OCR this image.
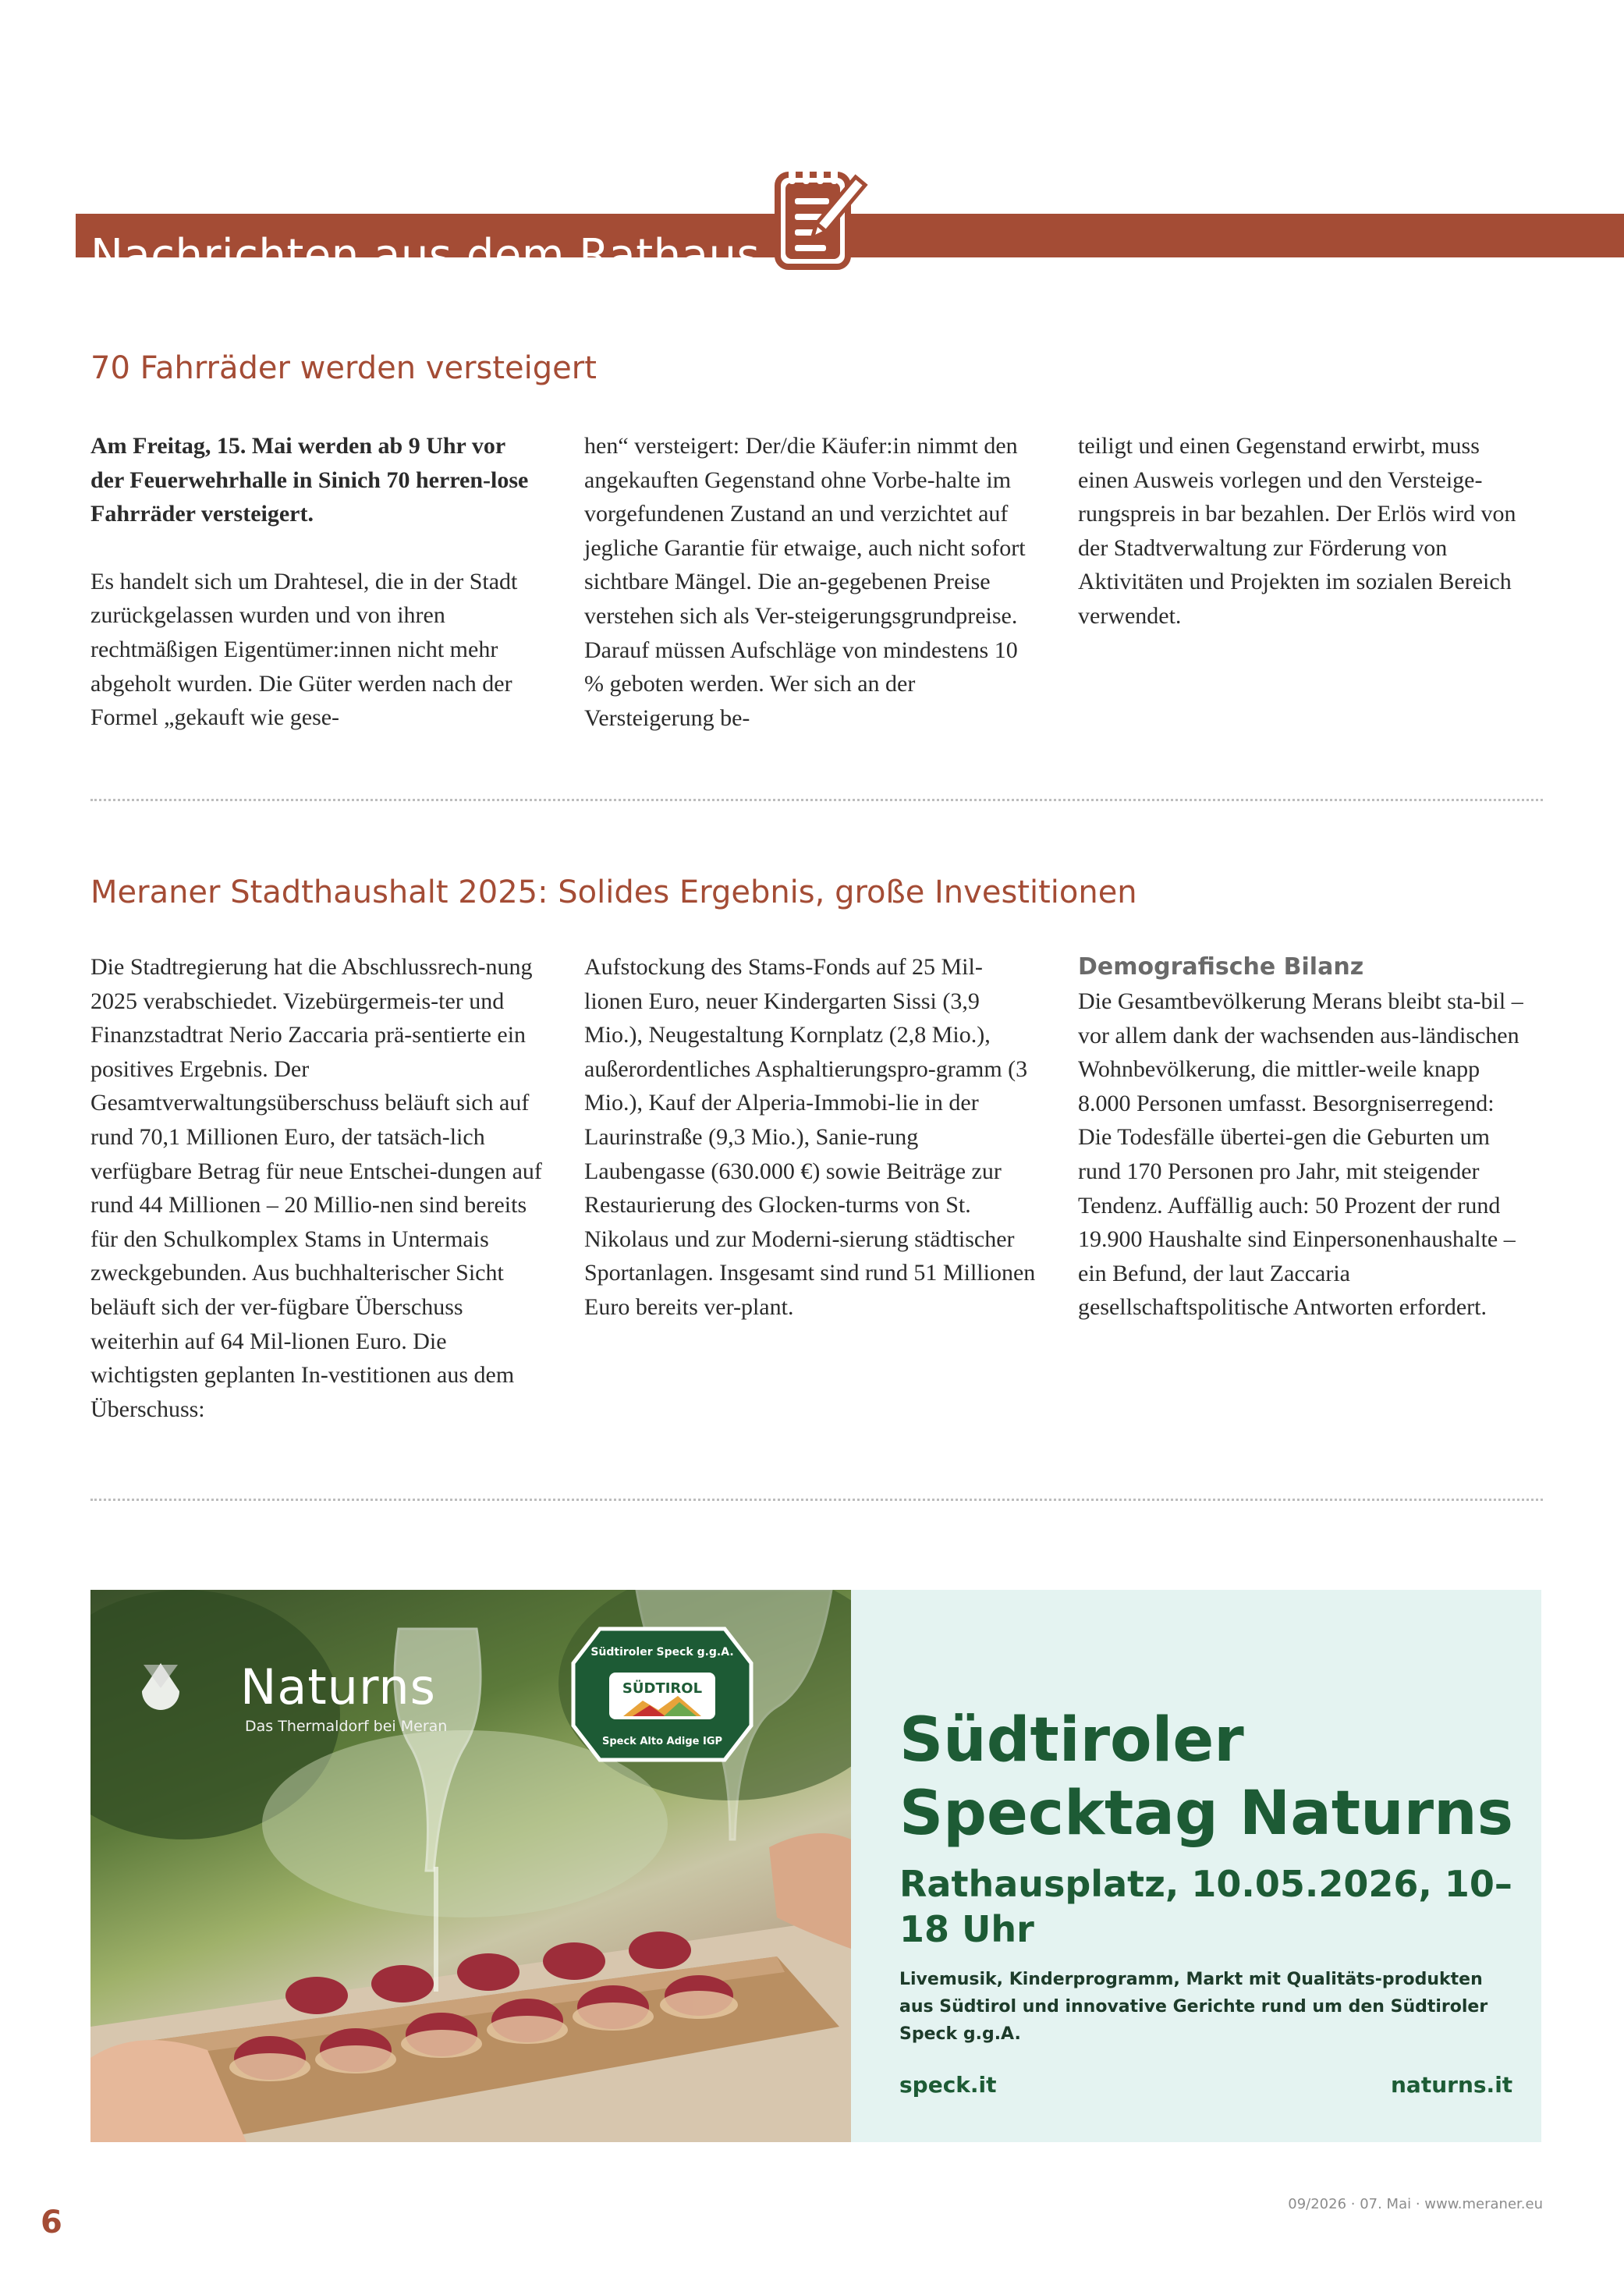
Nachrichten aus dem Rathaus
70 Fahrräder werden versteigert

Am Freitag, 15. Mai werden ab 9 Uhr vor der Feuerwehrhalle in Sinich 70 herren-lose Fahrräder versteigert.

Es handelt sich um Drahtesel, die in der Stadt zurückgelassen wurden und von ihren rechtmäßigen Eigentümer:innen nicht mehr abgeholt wurden. Die Güter werden nach der Formel „gekauft wie gese-

hen“ versteigert: Der/die Käufer:in nimmt den angekauften Gegenstand ohne Vorbe-halte im vorgefundenen Zustand an und verzichtet auf jegliche Garantie für etwaige, auch nicht sofort sichtbare Mängel. Die an-gegebenen Preise verstehen sich als Ver-steigerungsgrundpreise. Darauf müssen Aufschläge von mindestens 10 % geboten werden. Wer sich an der Versteigerung be-

teiligt und einen Gegenstand erwirbt, muss einen Ausweis vorlegen und den Versteige-rungspreis in bar bezahlen. Der Erlös wird von der Stadtverwaltung zur Förderung von Aktivitäten und Projekten im sozialen Bereich verwendet.

Meraner Stadthaushalt 2025: Solides Ergebnis, große Investitionen

Die Stadtregierung hat die Abschlussrech-nung 2025 verabschiedet. Vizebürgermeis-ter und Finanzstadtrat Nerio Zaccaria prä-sentierte ein positives Ergebnis. Der Gesamtverwaltungsüberschuss beläuft sich auf rund 70,1 Millionen Euro, der tatsäch-lich verfügbare Betrag für neue Entschei-dungen auf rund 44 Millionen – 20 Millio-nen sind bereits für den Schulkomplex Stams in Untermais zweckgebunden. Aus buchhalterischer Sicht beläuft sich der ver-fügbare Überschuss weiterhin auf 64 Mil-lionen Euro. Die wichtigsten geplanten In-vestitionen aus dem Überschuss:

Aufstockung des Stams-Fonds auf 25 Mil-lionen Euro, neuer Kindergarten Sissi (3,9 Mio.), Neugestaltung Kornplatz (2,8 Mio.), außerordentliches Asphaltierungspro-gramm (3 Mio.), Kauf der Alperia-Immobi-lie in der Laurinstraße (9,3 Mio.), Sanie-rung Laubengasse (630.000 €) sowie Beiträge zur Restaurierung des Glocken-turms von St. Nikolaus und zur Moderni-sierung städtischer Sportanlagen. Insgesamt sind rund 51 Millionen Euro bereits ver-plant.

Demografische Bilanz

Die Gesamtbevölkerung Merans bleibt sta-bil – vor allem dank der wachsenden aus-ländischen Wohnbevölkerung, die mittler-weile knapp 8.000 Personen umfasst. Besorgniserregend: Die Todesfälle übertei-gen die Geburten um rund 170 Personen pro Jahr, mit steigender Tendenz. Auffällig auch: 50 Prozent der rund 19.900 Haushalte sind Einpersonenhaushalte – ein Befund, der laut Zaccaria gesellschaftspolitische Antworten erfordert.

Naturns
Das Thermaldorf bei Meran
Südtiroler Speck g.g.A.
SÜDTIROL
Speck Alto Adige IGP	Südtiroler Specktag Naturns

Rathausplatz, 10.05.2026, 10–18 Uhr

Livemusik, Kinderprogramm, Markt mit Qualitäts-produkten aus Südtirol und innovative Gerichte rund um den Südtiroler Speck g.g.A.

speck.it	naturns.it
6
09/2026 · 07. Mai · www.meraner.eu
